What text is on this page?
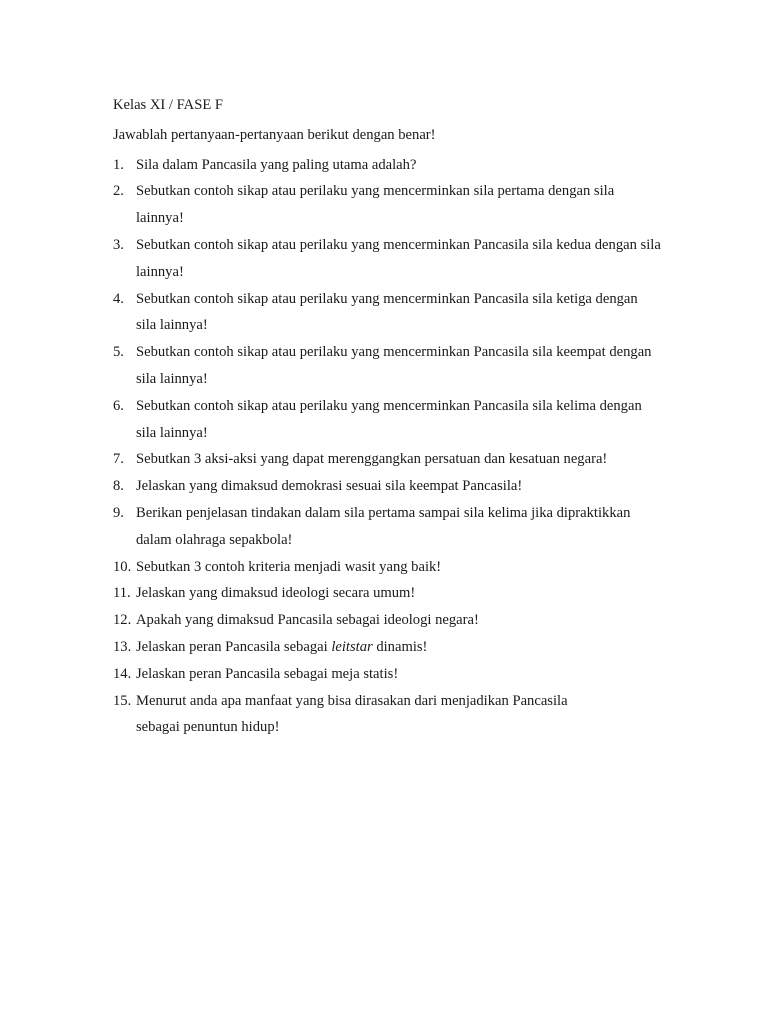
Kelas XI / FASE F

Jawablah pertanyaan-pertanyaan berikut dengan benar!

1. Sila dalam Pancasila yang paling utama adalah?
2. Sebutkan contoh sikap atau perilaku yang mencerminkan sila pertama dengan sila
lainnya!
3. Sebutkan contoh sikap atau perilaku yang mencerminkan Pancasila sila kedua dengan sila
lainnya!
4. Sebutkan contoh sikap atau perilaku yang mencerminkan Pancasila sila ketiga dengan
sila lainnya!
5. Sebutkan contoh sikap atau perilaku yang mencerminkan Pancasila sila keempat dengan
sila lainnya!
6. Sebutkan contoh sikap atau perilaku yang mencerminkan Pancasila sila kelima dengan
sila lainnya!
7. Sebutkan 3 aksi-aksi yang dapat merenggangkan persatuan dan kesatuan negara!
8. Jelaskan yang dimaksud demokrasi sesuai sila keempat Pancasila!
9. Berikan penjelasan tindakan dalam sila pertama sampai sila kelima jika dipraktikkan
dalam olahraga sepakbola!
10. Sebutkan 3 contoh kriteria menjadi wasit yang baik!
11. Jelaskan yang dimaksud ideologi secara umum!
12. Apakah yang dimaksud Pancasila sebagai ideologi negara!
13. Jelaskan peran Pancasila sebagai leitstar dinamis!
14. Jelaskan peran Pancasila sebagai meja statis!
15. Menurut anda apa manfaat yang bisa dirasakan dari menjadikan Pancasila
sebagai penuntun hidup!
